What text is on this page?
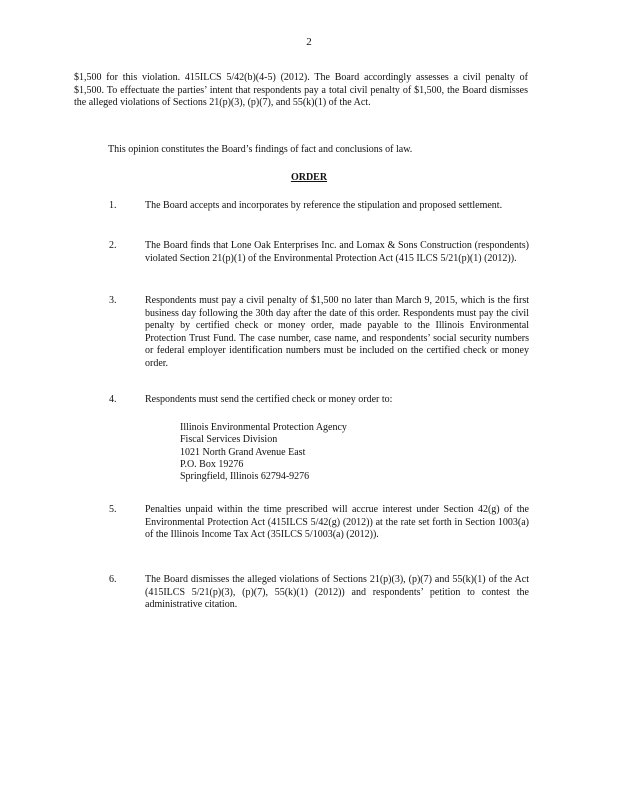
2
$1,500 for this violation. 415ILCS 5/42(b)(4-5) (2012). The Board accordingly assesses a civil penalty of $1,500. To effectuate the parties’ intent that respondents pay a total civil penalty of $1,500, the Board dismisses the alleged violations of Sections 21(p)(3), (p)(7), and 55(k)(1) of the Act.
This opinion constitutes the Board’s findings of fact and conclusions of law.
ORDER
1.	The Board accepts and incorporates by reference the stipulation and proposed settlement.
2.	The Board finds that Lone Oak Enterprises Inc. and Lomax & Sons Construction (respondents) violated Section 21(p)(1) of the Environmental Protection Act (415 ILCS 5/21(p)(1) (2012)).
3.	Respondents must pay a civil penalty of $1,500 no later than March 9, 2015, which is the first business day following the 30th day after the date of this order. Respondents must pay the civil penalty by certified check or money order, made payable to the Illinois Environmental Protection Trust Fund. The case number, case name, and respondents’ social security numbers or federal employer identification numbers must be included on the certified check or money order.
4.	Respondents must send the certified check or money order to:
Illinois Environmental Protection Agency
Fiscal Services Division
1021 North Grand Avenue East
P.O. Box 19276
Springfield, Illinois 62794-9276
5.	Penalties unpaid within the time prescribed will accrue interest under Section 42(g) of the Environmental Protection Act (415ILCS 5/42(g) (2012)) at the rate set forth in Section 1003(a) of the Illinois Income Tax Act (35ILCS 5/1003(a) (2012)).
6.	The Board dismisses the alleged violations of Sections 21(p)(3), (p)(7) and 55(k)(1) of the Act (415ILCS 5/21(p)(3), (p)(7), 55(k)(1) (2012)) and respondents’ petition to contest the administrative citation.
